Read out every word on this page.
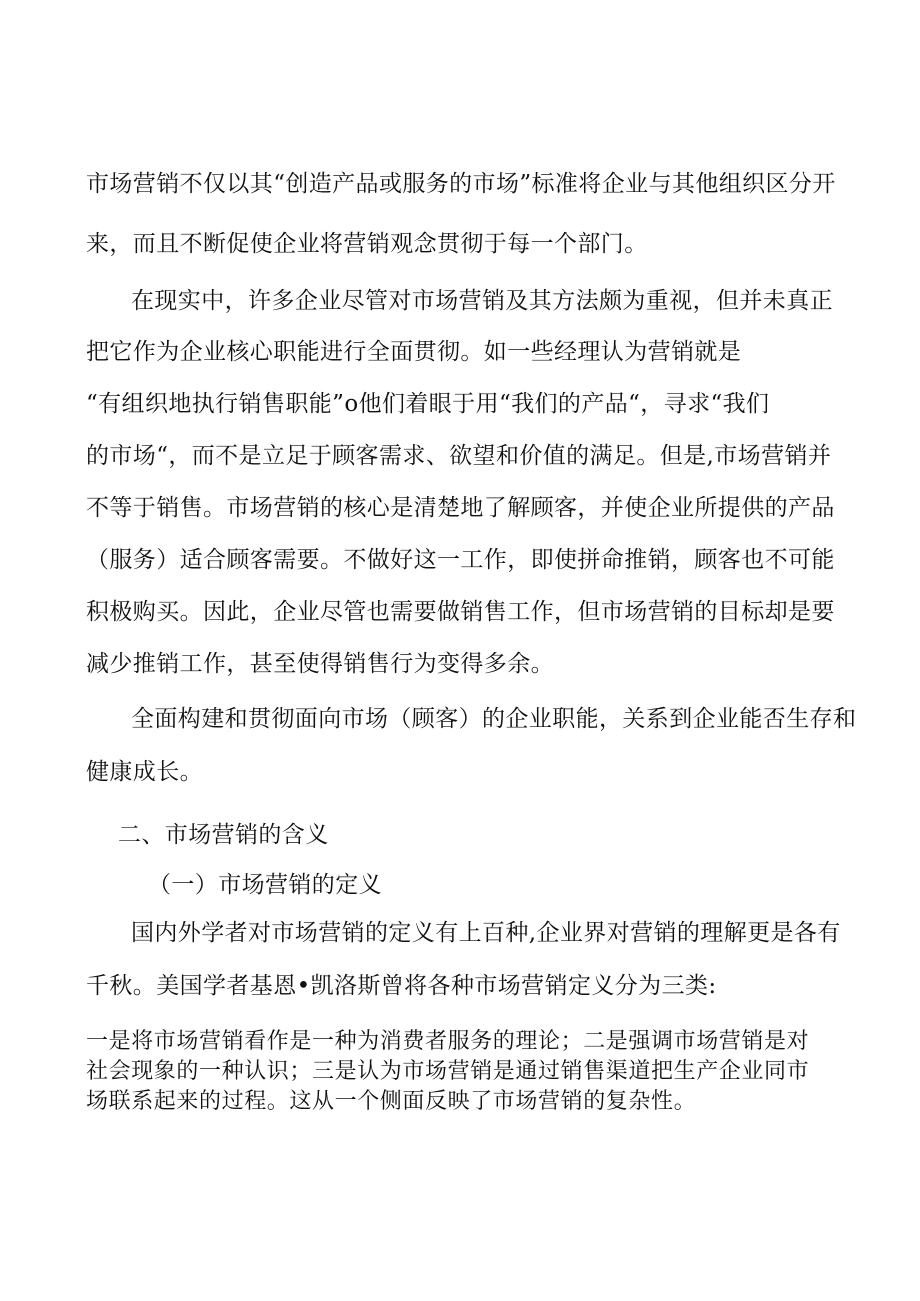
市场营销不仅以其“创造产品或服务的市场”标准将企业与其他组织区分开
来，而且不断促使企业将营销观念贯彻于每一个部门。
在现实中，许多企业尽管对市场营销及其方法颇为重视，但并未真正
把它作为企业核心职能进行全面贯彻。如一些经理认为营销就是
“有组织地执行销售职能”o他们着眼于用“我们的产品“，寻求“我们
的市场“，而不是立足于顾客需求、欲望和价值的满足。但是,市场营销并
不等于销售。市场营销的核心是清楚地了解顾客，并使企业所提供的产品
（服务）适合顾客需要。不做好这一工作，即使拼命推销，顾客也不可能
积极购买。因此，企业尽管也需要做销售工作，但市场营销的目标却是要
减少推销工作，甚至使得销售行为变得多余。
全面构建和贯彻面向市场（顾客）的企业职能，关系到企业能否生存和
健康成长。
二、市场营销的含义
（一）市场营销的定义
国内外学者对市场营销的定义有上百种,企业界对营销的理解更是各有
千秋。美国学者基恩•凯洛斯曾将各种市场营销定义分为三类:
一是将市场营销看作是一种为消费者服务的理论；二是强调市场营销是对
社会现象的一种认识；三是认为市场营销是通过销售渠道把生产企业同市
场联系起来的过程。这从一个侧面反映了市场营销的复杂性。
